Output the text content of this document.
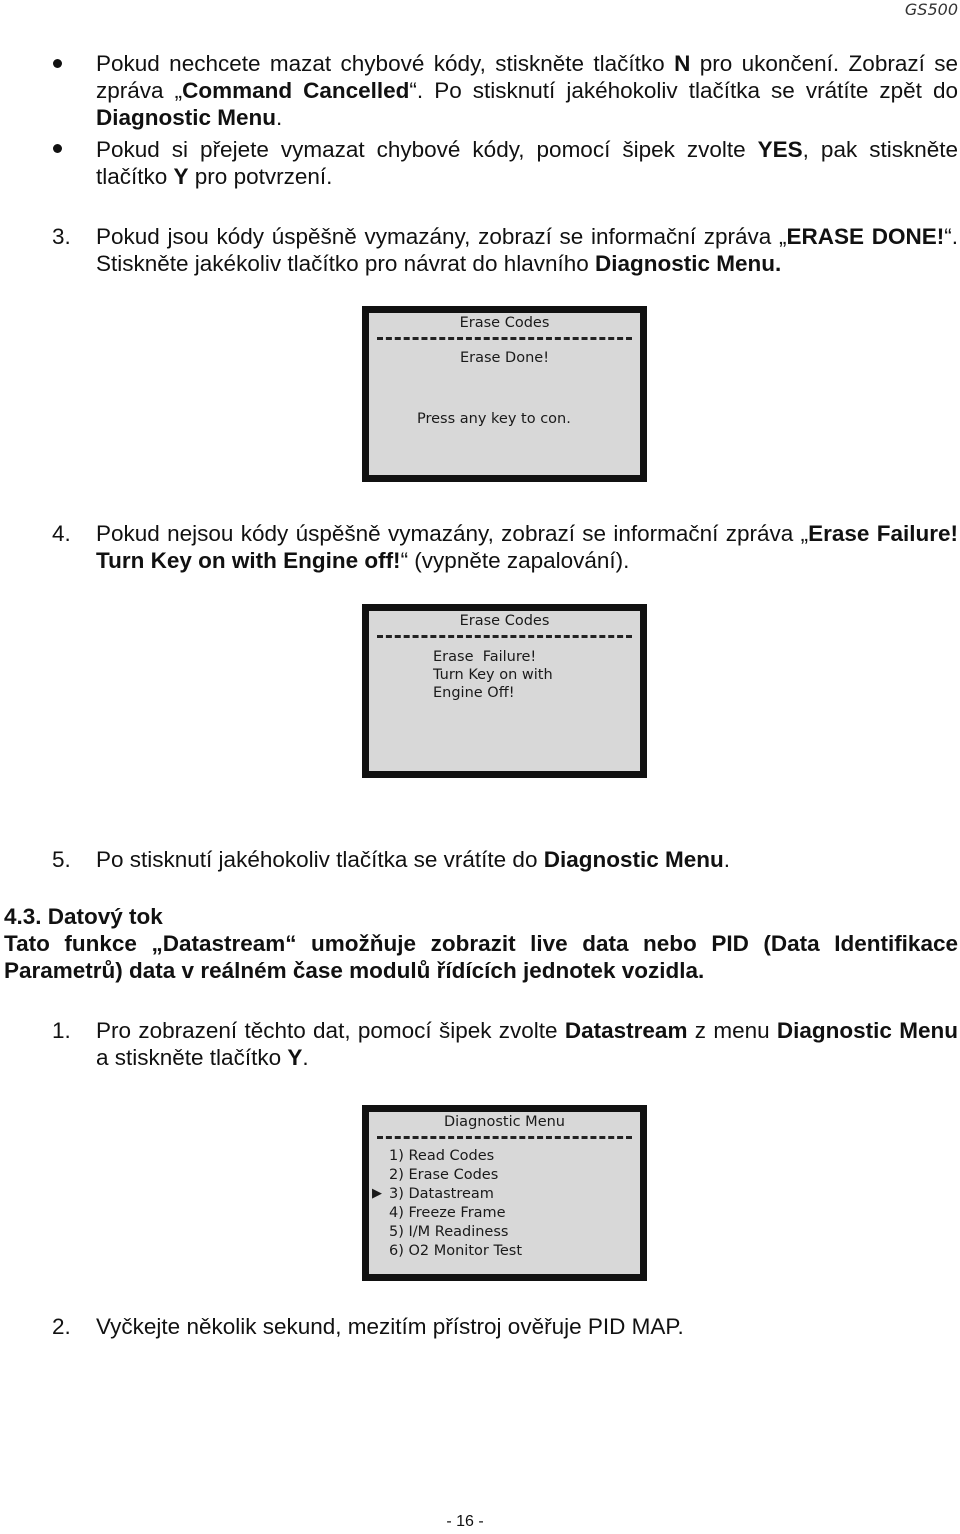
GS500
Pokud nechcete mazat chybové kódy, stiskněte tlačítko N pro ukončení. Zobrazí se zpráva „Command Cancelled“. Po stisknutí jakéhokoliv tlačítka se vrátíte zpět do Diagnostic Menu.
Pokud si přejete vymazat chybové kódy, pomocí šipek zvolte YES, pak stiskněte tlačítko Y pro potvrzení.
3. Pokud jsou kódy úspěšně vymazány, zobrazí se informační zpráva „ERASE DONE!“. Stiskněte jakékoliv tlačítko pro návrat do hlavního Diagnostic Menu.
Erase Codes
Erase Done!
Press any key to con.
4. Pokud nejsou kódy úspěšně vymazány, zobrazí se informační zpráva „Erase Failure! Turn Key on with Engine off!“ (vypněte zapalování).
Erase Codes
Erase  Failure!
Turn Key on with
Engine Off!
5. Po stisknutí jakéhokoliv tlačítka se vrátíte do Diagnostic Menu.
4.3. Datový tok
Tato funkce „Datastream“ umožňuje zobrazit live data nebo PID (Data Identifikace Parametrů) data v reálném čase modulů řídících jednotek vozidla.
1. Pro zobrazení těchto dat, pomocí šipek zvolte Datastream z menu Diagnostic Menu a stiskněte tlačítko Y.
Diagnostic Menu
1) Read Codes
2) Erase Codes
▶ 3) Datastream
4) Freeze Frame
5) I/M Readiness
6) O2 Monitor Test
2. Vyčkejte několik sekund, mezitím přístroj ověřuje PID MAP.
- 16 -
